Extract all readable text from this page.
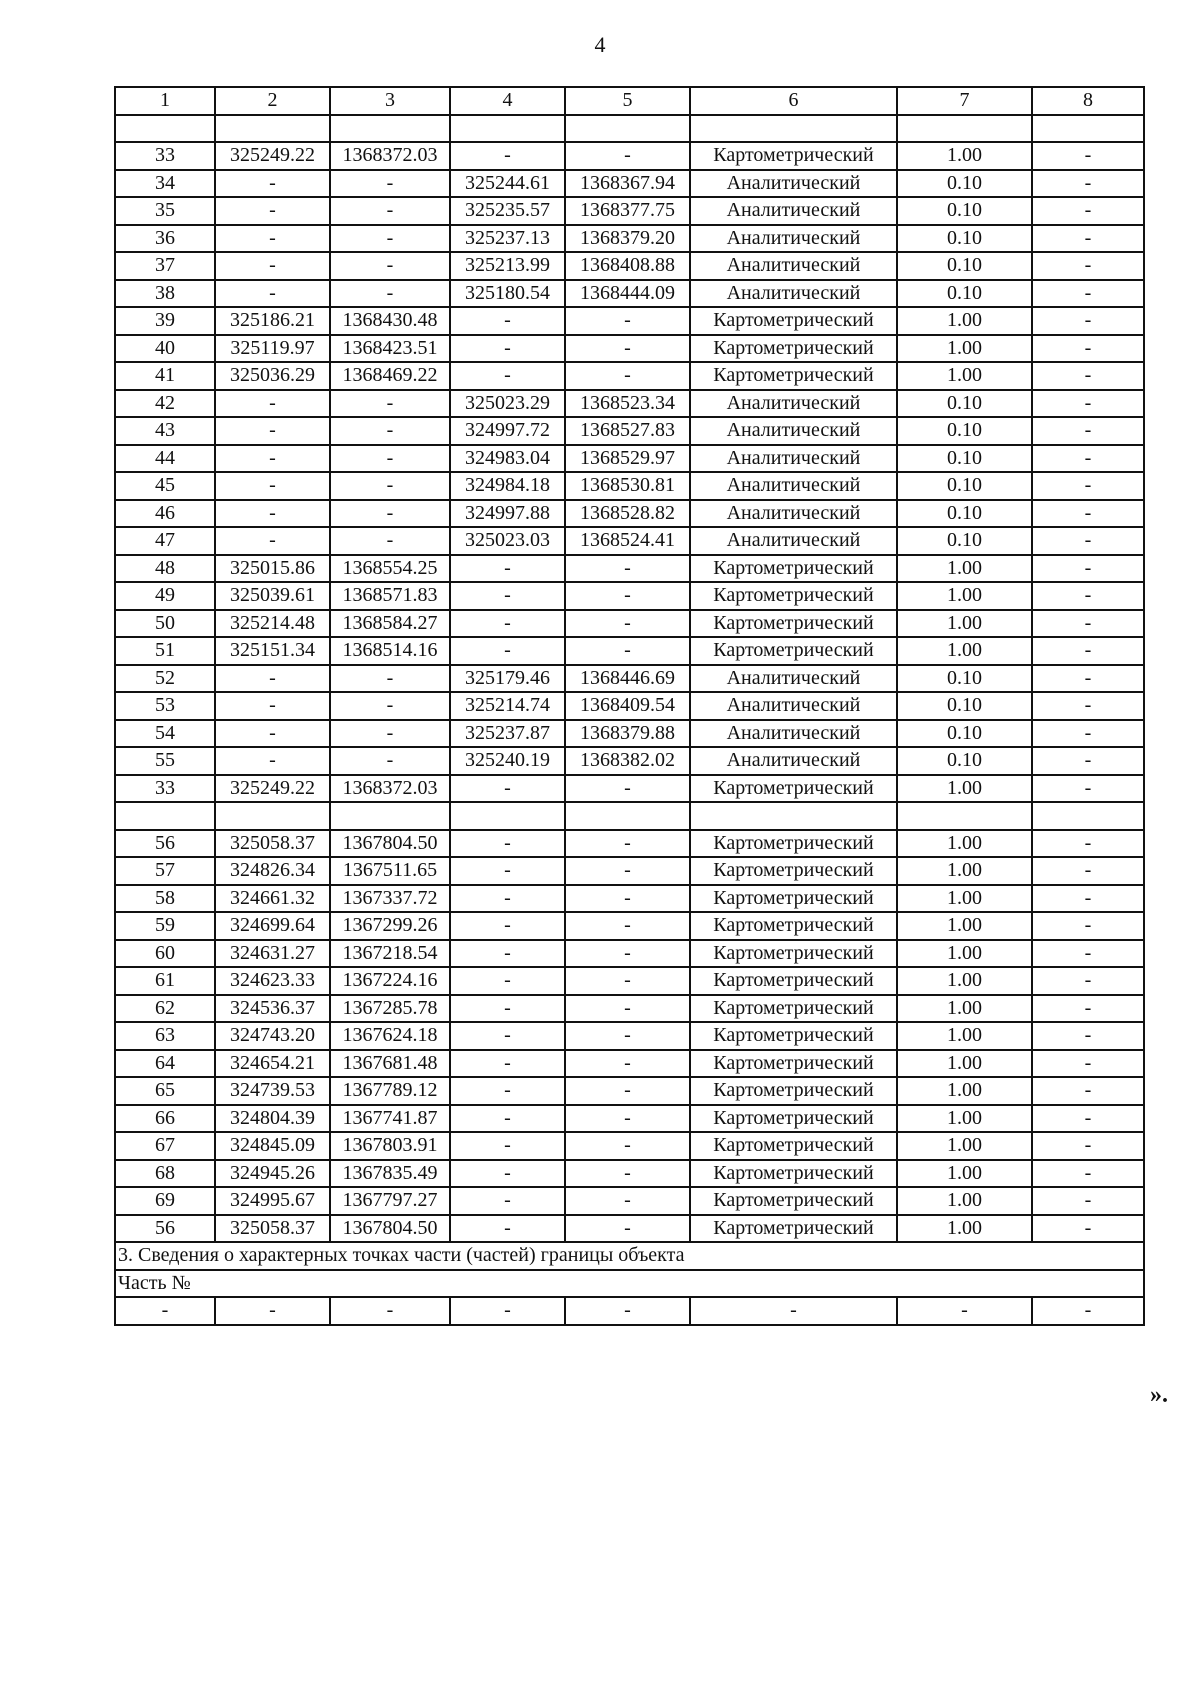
4
1	2	3	4	5	6	7	8

33	325249.22	1368372.03	-	-	Картометрический	1.00	-
34	-	-	325244.61	1368367.94	Аналитический	0.10	-
35	-	-	325235.57	1368377.75	Аналитический	0.10	-
36	-	-	325237.13	1368379.20	Аналитический	0.10	-
37	-	-	325213.99	1368408.88	Аналитический	0.10	-
38	-	-	325180.54	1368444.09	Аналитический	0.10	-
39	325186.21	1368430.48	-	-	Картометрический	1.00	-
40	325119.97	1368423.51	-	-	Картометрический	1.00	-
41	325036.29	1368469.22	-	-	Картометрический	1.00	-
42	-	-	325023.29	1368523.34	Аналитический	0.10	-
43	-	-	324997.72	1368527.83	Аналитический	0.10	-
44	-	-	324983.04	1368529.97	Аналитический	0.10	-
45	-	-	324984.18	1368530.81	Аналитический	0.10	-
46	-	-	324997.88	1368528.82	Аналитический	0.10	-
47	-	-	325023.03	1368524.41	Аналитический	0.10	-
48	325015.86	1368554.25	-	-	Картометрический	1.00	-
49	325039.61	1368571.83	-	-	Картометрический	1.00	-
50	325214.48	1368584.27	-	-	Картометрический	1.00	-
51	325151.34	1368514.16	-	-	Картометрический	1.00	-
52	-	-	325179.46	1368446.69	Аналитический	0.10	-
53	-	-	325214.74	1368409.54	Аналитический	0.10	-
54	-	-	325237.87	1368379.88	Аналитический	0.10	-
55	-	-	325240.19	1368382.02	Аналитический	0.10	-
33	325249.22	1368372.03	-	-	Картометрический	1.00	-

56	325058.37	1367804.50	-	-	Картометрический	1.00	-
57	324826.34	1367511.65	-	-	Картометрический	1.00	-
58	324661.32	1367337.72	-	-	Картометрический	1.00	-
59	324699.64	1367299.26	-	-	Картометрический	1.00	-
60	324631.27	1367218.54	-	-	Картометрический	1.00	-
61	324623.33	1367224.16	-	-	Картометрический	1.00	-
62	324536.37	1367285.78	-	-	Картометрический	1.00	-
63	324743.20	1367624.18	-	-	Картометрический	1.00	-
64	324654.21	1367681.48	-	-	Картометрический	1.00	-
65	324739.53	1367789.12	-	-	Картометрический	1.00	-
66	324804.39	1367741.87	-	-	Картометрический	1.00	-
67	324845.09	1367803.91	-	-	Картометрический	1.00	-
68	324945.26	1367835.49	-	-	Картометрический	1.00	-
69	324995.67	1367797.27	-	-	Картометрический	1.00	-
56	325058.37	1367804.50	-	-	Картометрический	1.00	-
3. Сведения о характерных точках части (частей) границы объекта							
Часть №							
-	-	-	-	-	-	-	-
».
